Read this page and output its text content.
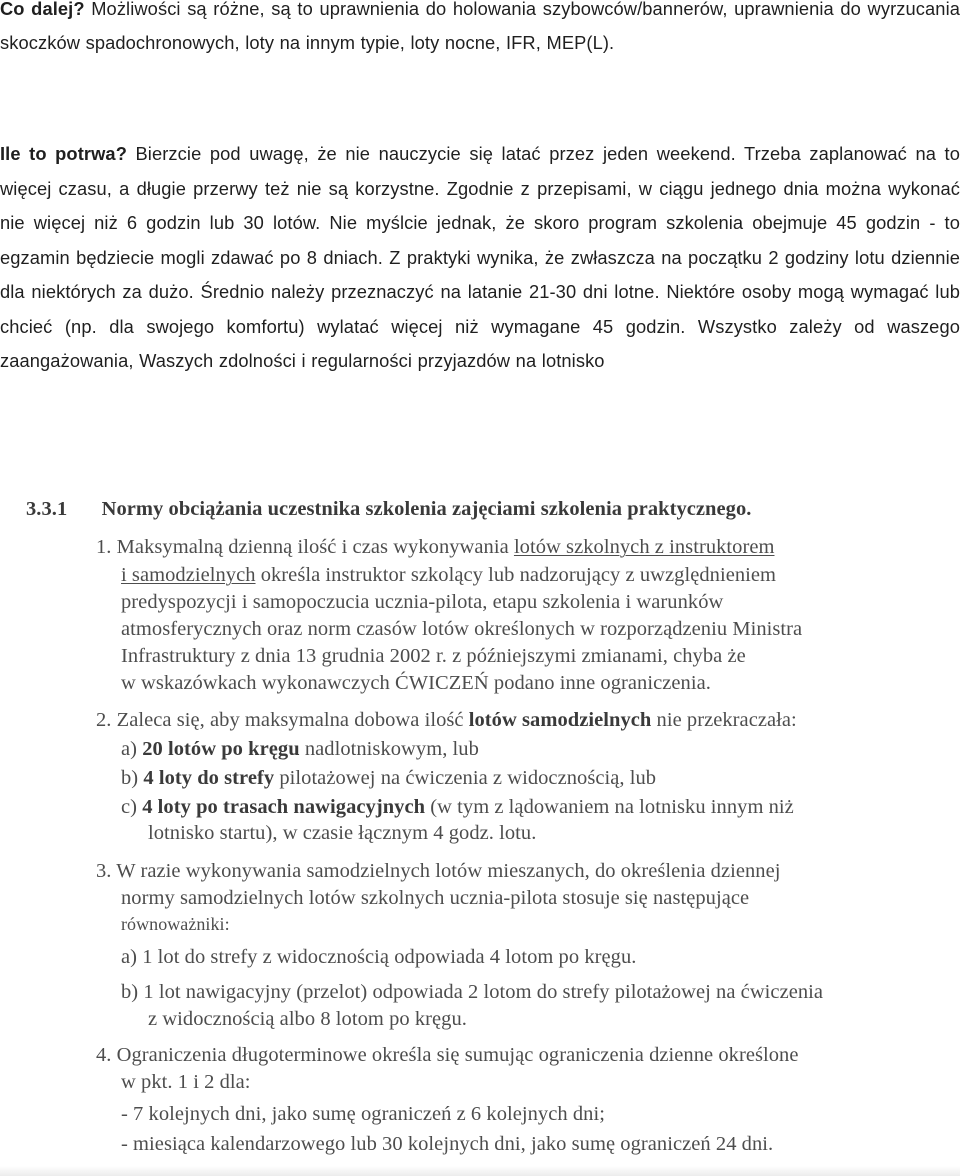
Co dalej? Możliwości są różne, są to uprawnienia do holowania szybowców/bannerów, uprawnienia do wyrzucania skoczków spadochronowych, loty na innym typie, loty nocne, IFR, MEP(L).
Ile to potrwa? Bierzcie pod uwagę, że nie nauczycie się latać przez jeden weekend. Trzeba zaplanować na to więcej czasu, a długie przerwy też nie są korzystne. Zgodnie z przepisami, w ciągu jednego dnia można wykonać nie więcej niż 6 godzin lub 30 lotów. Nie myślcie jednak, że skoro program szkolenia obejmuje 45 godzin - to egzamin będziecie mogli zdawać po 8 dniach. Z praktyki wynika, że zwłaszcza na początku 2 godziny lotu dziennie dla niektórych za dużo. Średnio należy przeznaczyć na latanie 21-30 dni lotne. Niektóre osoby mogą wymagać lub chcieć (np. dla swojego komfortu) wylatać więcej niż wymagane 45 godzin. Wszystko zależy od waszego zaangażowania, Waszych zdolności i regularności przyjazdów na lotnisko
3.3.1 Normy obciążania uczestnika szkolenia zajęciami szkolenia praktycznego.
1. Maksymalną dzienną ilość i czas wykonywania lotów szkolnych z instruktorem
i samodzielnych określa instruktor szkolący lub nadzorujący z uwzględnieniem
predyspozycji i samopoczucia ucznia-pilota, etapu szkolenia i warunków
atmosferycznych oraz norm czasów lotów określonych w rozporządzeniu Ministra
Infrastruktury z dnia 13 grudnia 2002 r. z późniejszymi zmianami, chyba że
w wskazówkach wykonawczych ĆWICZEŃ podano inne ograniczenia.
2. Zaleca się, aby maksymalna dobowa ilość lotów samodzielnych nie przekraczała:
a) 20 lotów po kręgu nadlotniskowym, lub
b) 4 loty do strefy pilotażowej na ćwiczenia z widocznością, lub
c) 4 loty po trasach nawigacyjnych (w tym z lądowaniem na lotnisku innym niż
lotnisko startu), w czasie łącznym 4 godz. lotu.
3. W razie wykonywania samodzielnych lotów mieszanych, do określenia dziennej
normy samodzielnych lotów szkolnych ucznia-pilota stosuje się następujące
równoważniki:
a) 1 lot do strefy z widocznością odpowiada 4 lotom po kręgu.
b) 1 lot nawigacyjny (przelot) odpowiada 2 lotom do strefy pilotażowej na ćwiczenia
z widocznością albo 8 lotom po kręgu.
4. Ograniczenia długoterminowe określa się sumując ograniczenia dzienne określone
w pkt. 1 i 2 dla:
- 7 kolejnych dni, jako sumę ograniczeń z 6 kolejnych dni;
- miesiąca kalendarzowego lub 30 kolejnych dni, jako sumę ograniczeń 24 dni.
